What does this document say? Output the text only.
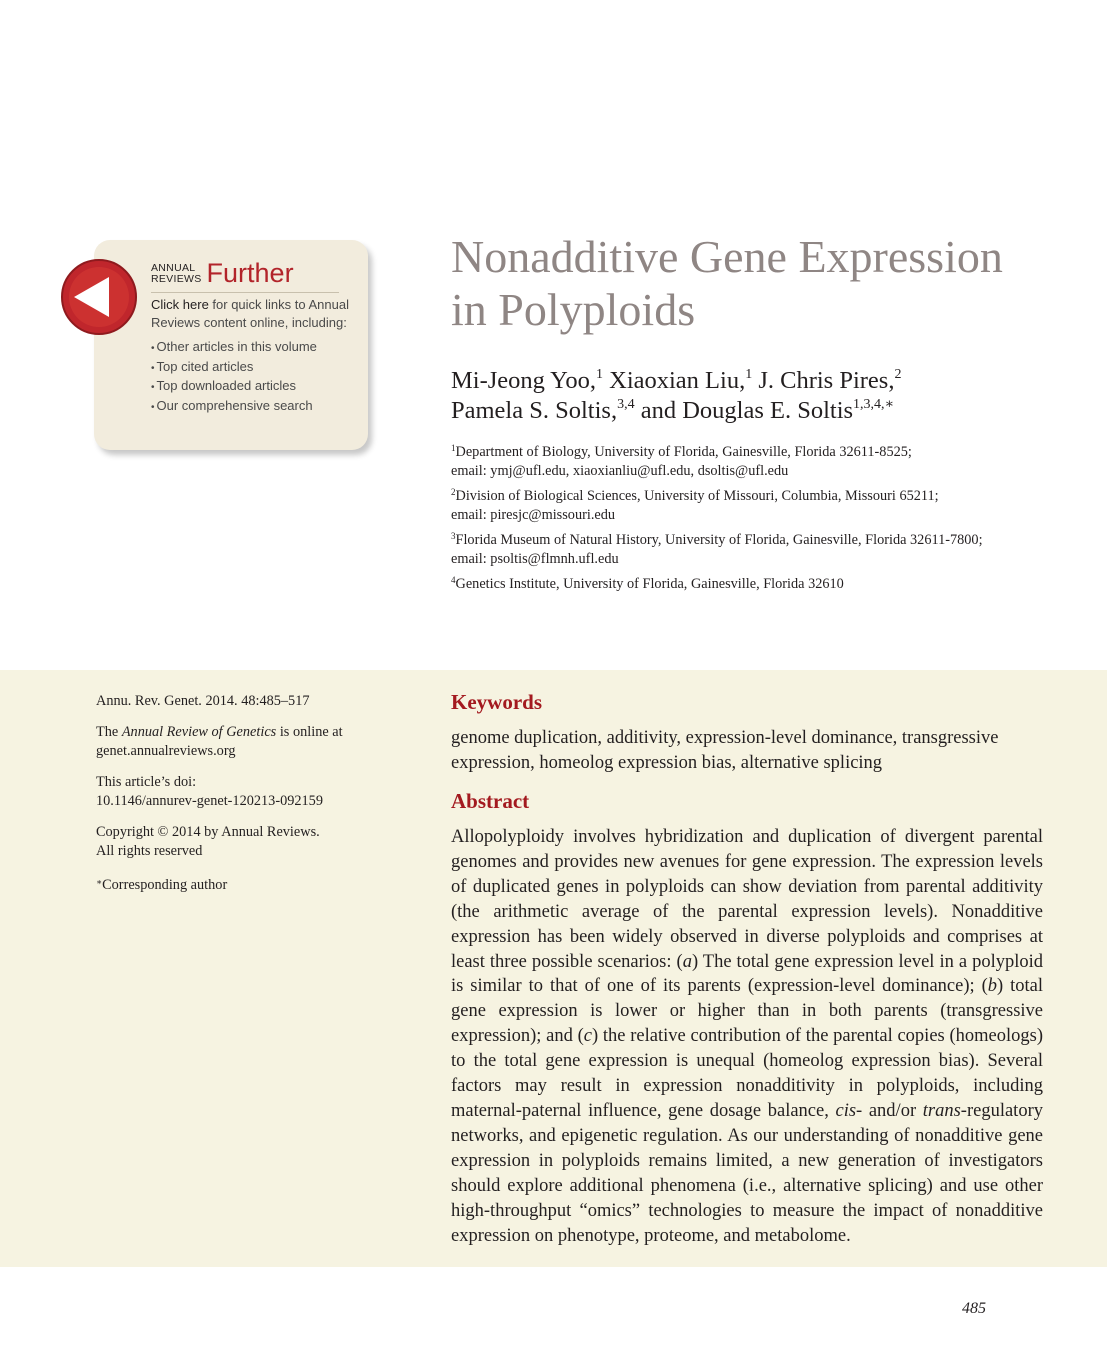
ANNUAL
REVIEWS Further
Click here for quick links to Annual Reviews content online, including:
• Other articles in this volume
• Top cited articles
• Top downloaded articles
• Our comprehensive search
Nonadditive Gene Expression
in Polyploids
Mi-Jeong Yoo,$^1$ Xiaoxian Liu,$^1$ J. Chris Pires,$^2$
Pamela S. Soltis,$^{3,4}$ and Douglas E. Soltis$^{1,3,4,∗}$
$^1$Department of Biology, University of Florida, Gainesville, Florida 32611-8525;
email: ymj@ufl.edu, xiaoxianliu@ufl.edu, dsoltis@ufl.edu
$^2$Division of Biological Sciences, University of Missouri, Columbia, Missouri 65211;
email: piresjc@missouri.edu
$^3$Florida Museum of Natural History, University of Florida, Gainesville, Florida 32611-7800;
email: psoltis@flmnh.ufl.edu
$^4$Genetics Institute, University of Florida, Gainesville, Florida 32610

Annu. Rev. Genet. 2014. 48:485–517

The Annual Review of Genetics is online at
genet.annualreviews.org

This article’s doi:
10.1146/annurev-genet-120213-092159

Copyright © 2014 by Annual Reviews.
All rights reserved

∗Corresponding author

Keywords
genome duplication, additivity, expression-level dominance, transgressive expression, homeolog expression bias, alternative splicing
Abstract

Allopolyploidy involves hybridization and duplication of divergent parental genomes and provides new avenues for gene expression. The expression levels of duplicated genes in polyploids can show deviation from parental additivity (the arithmetic average of the parental expression levels). Nonadditive expression has been widely observed in diverse polyploids and comprises at least three possible scenarios: (a) The total gene expression level in a polyploid is similar to that of one of its parents (expression-level dominance); (b) total gene expression is lower or higher than in both parents (transgressive expression); and (c) the relative contribution of the parental copies (homeologs) to the total gene expression is unequal (homeolog expression bias). Several factors may result in expression nonadditivity in polyploids, including maternal-paternal influence, gene dosage balance, cis- and/or trans-regulatory networks, and epigenetic regulation. As our understanding of nonadditive gene expression in polyploids remains limited, a new generation of investigators should explore additional phenomena (i.e., alternative splicing) and use other high-throughput “omics” technologies to measure the impact of nonadditive expression on phenotype, proteome, and metabolome.

485
